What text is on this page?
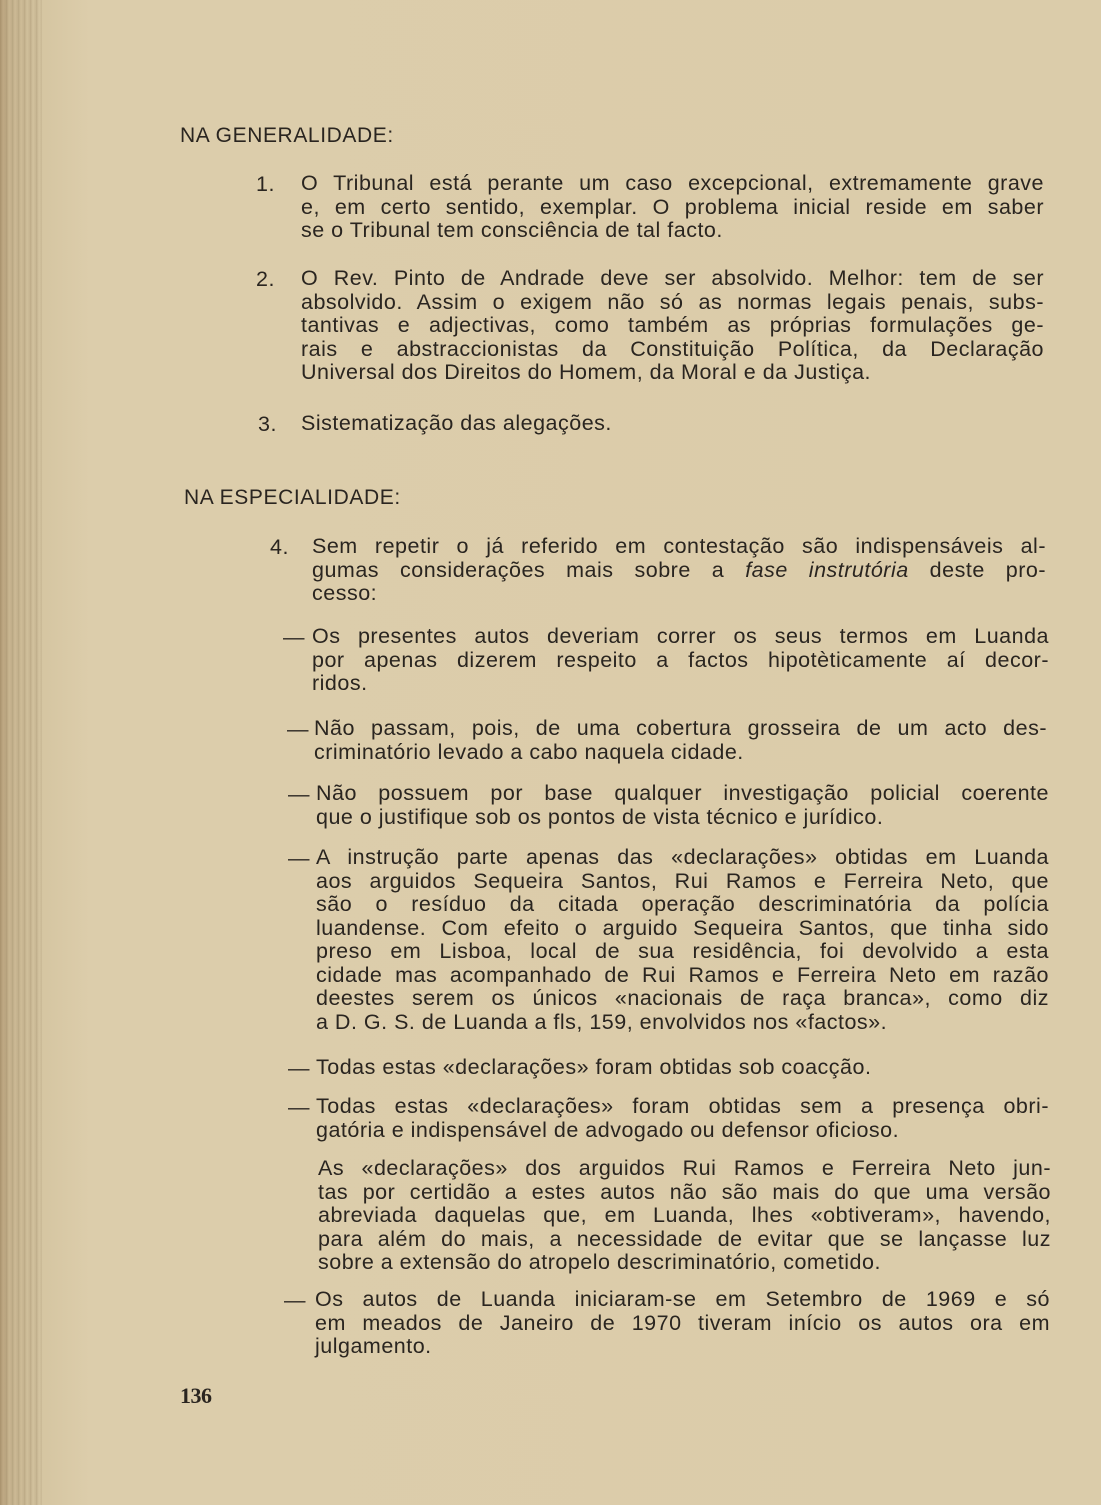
NA GENERALIDADE:
1. O Tribunal está perante um caso excepcional, extremamente grave
e, em certo sentido, exemplar. O problema inicial reside em saber
se o Tribunal tem consciência de tal facto.
2. O Rev. Pinto de Andrade deve ser absolvido. Melhor: tem de ser
absolvido. Assim o exigem não só as normas legais penais, subs-
tantivas e adjectivas, como também as próprias formulações ge-
rais e abstraccionistas da Constituição Política, da Declaração
Universal dos Direitos do Homem, da Moral e da Justiça.
3. Sistematização das alegações.
NA ESPECIALIDADE:
4. Sem repetir o já referido em contestação são indispensáveis al-
gumas considerações mais sobre a fase instrutória deste pro-
cesso:
— Os presentes autos deveriam correr os seus termos em Luanda
por apenas dizerem respeito a factos hipotèticamente aí decor-
ridos.
— Não passam, pois, de uma cobertura grosseira de um acto des-
criminatório levado a cabo naquela cidade.
— Não possuem por base qualquer investigação policial coerente
que o justifique sob os pontos de vista técnico e jurídico.
— A instrução parte apenas das «declarações» obtidas em Luanda
aos arguidos Sequeira Santos, Rui Ramos e Ferreira Neto, que
são o resíduo da citada operação descriminatória da polícia
luandense. Com efeito o arguido Sequeira Santos, que tinha sido
preso em Lisboa, local de sua residência, foi devolvido a esta
cidade mas acompanhado de Rui Ramos e Ferreira Neto em razão
deestes serem os únicos «nacionais de raça branca», como diz
a D. G. S. de Luanda a fls, 159, envolvidos nos «factos».
— Todas estas «declarações» foram obtidas sob coacção.
— Todas estas «declarações» foram obtidas sem a presença obri-
gatória e indispensável de advogado ou defensor oficioso.
As «declarações» dos arguidos Rui Ramos e Ferreira Neto jun-
tas por certidão a estes autos não são mais do que uma versão
abreviada daquelas que, em Luanda, lhes «obtiveram», havendo,
para além do mais, a necessidade de evitar que se lançasse luz
sobre a extensão do atropelo descriminatório, cometido.
— Os autos de Luanda iniciaram-se em Setembro de 1969 e só
em meados de Janeiro de 1970 tiveram início os autos ora em
julgamento.
136
